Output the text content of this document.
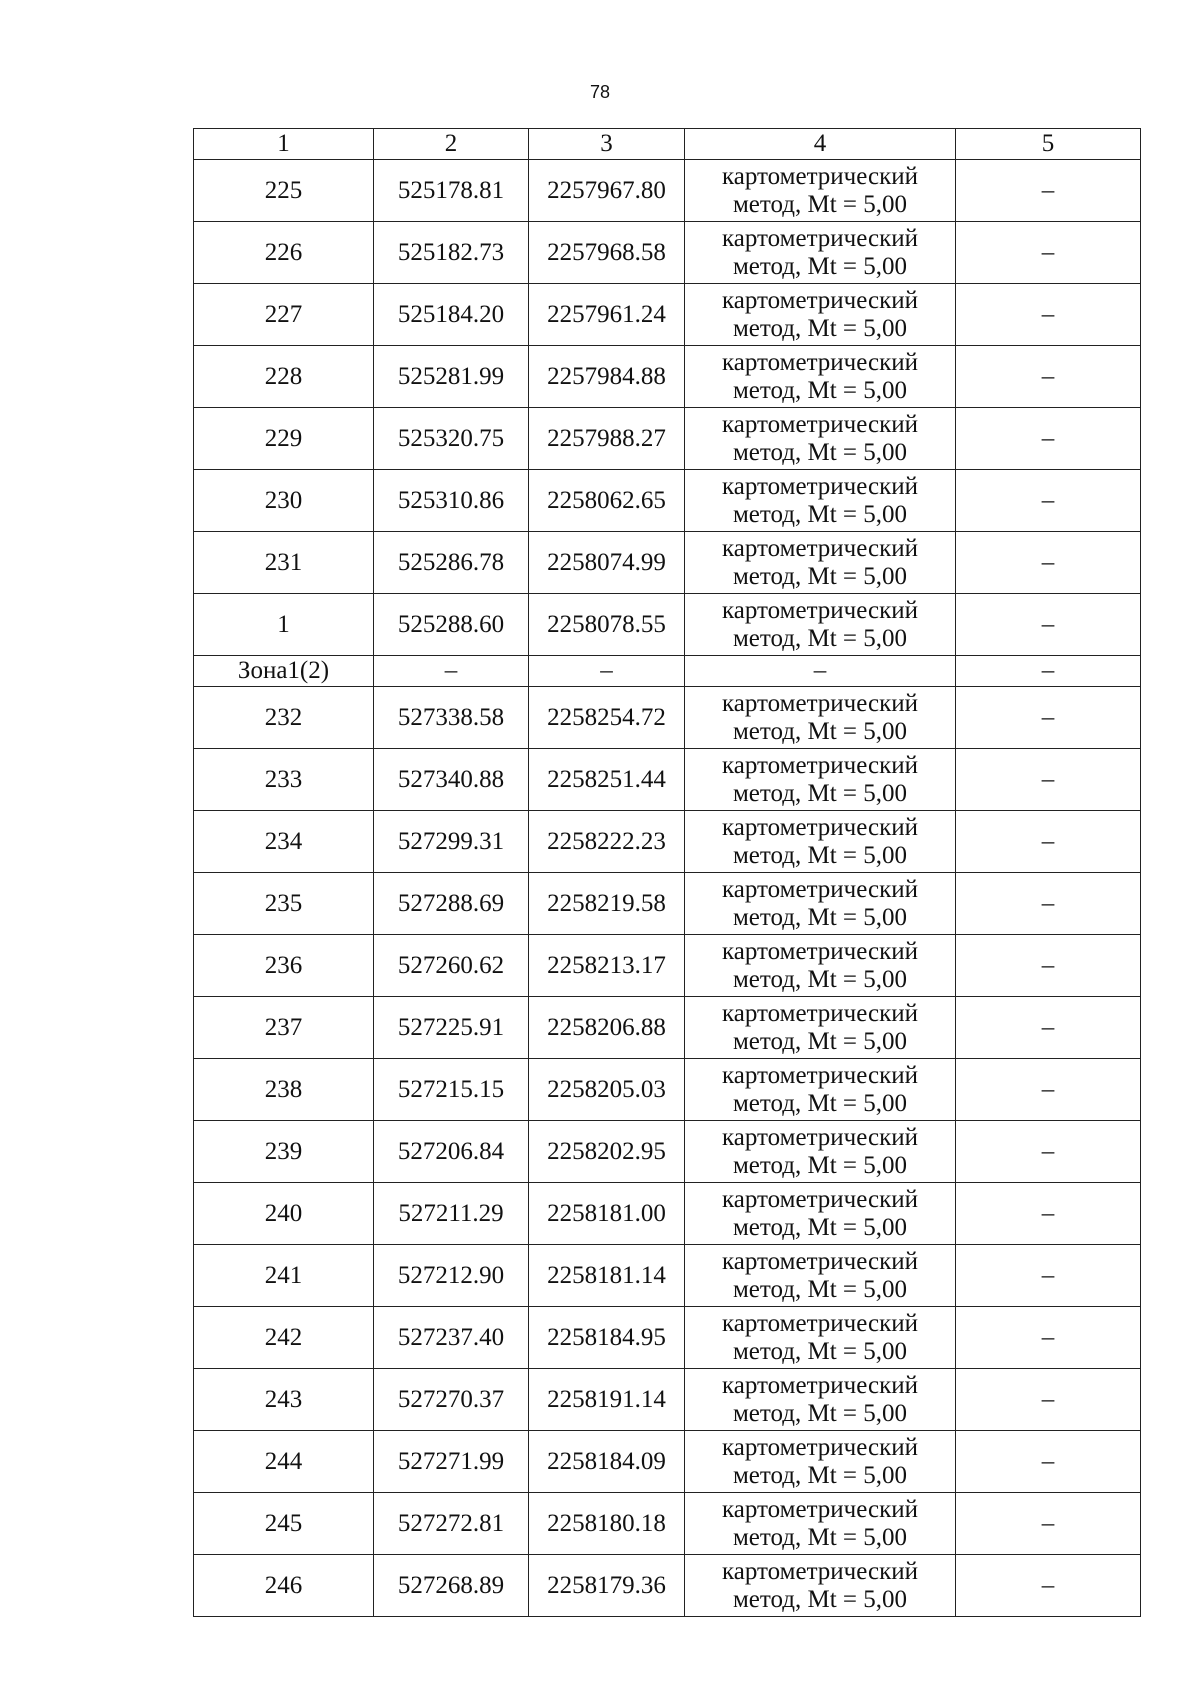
78
1	2	3	4	5
225	525178.81	2257967.80	картометрический
метод, Mt = 5,00	–
226	525182.73	2257968.58	картометрический
метод, Mt = 5,00	–
227	525184.20	2257961.24	картометрический
метод, Mt = 5,00	–
228	525281.99	2257984.88	картометрический
метод, Mt = 5,00	–
229	525320.75	2257988.27	картометрический
метод, Mt = 5,00	–
230	525310.86	2258062.65	картометрический
метод, Mt = 5,00	–
231	525286.78	2258074.99	картометрический
метод, Mt = 5,00	–
1	525288.60	2258078.55	картометрический
метод, Mt = 5,00	–
Зона1(2)	–	–	–	–
232	527338.58	2258254.72	картометрический
метод, Mt = 5,00	–
233	527340.88	2258251.44	картометрический
метод, Mt = 5,00	–
234	527299.31	2258222.23	картометрический
метод, Mt = 5,00	–
235	527288.69	2258219.58	картометрический
метод, Mt = 5,00	–
236	527260.62	2258213.17	картометрический
метод, Mt = 5,00	–
237	527225.91	2258206.88	картометрический
метод, Mt = 5,00	–
238	527215.15	2258205.03	картометрический
метод, Mt = 5,00	–
239	527206.84	2258202.95	картометрический
метод, Mt = 5,00	–
240	527211.29	2258181.00	картометрический
метод, Mt = 5,00	–
241	527212.90	2258181.14	картометрический
метод, Mt = 5,00	–
242	527237.40	2258184.95	картометрический
метод, Mt = 5,00	–
243	527270.37	2258191.14	картометрический
метод, Mt = 5,00	–
244	527271.99	2258184.09	картометрический
метод, Mt = 5,00	–
245	527272.81	2258180.18	картометрический
метод, Mt = 5,00	–
246	527268.89	2258179.36	картометрический
метод, Mt = 5,00	–
